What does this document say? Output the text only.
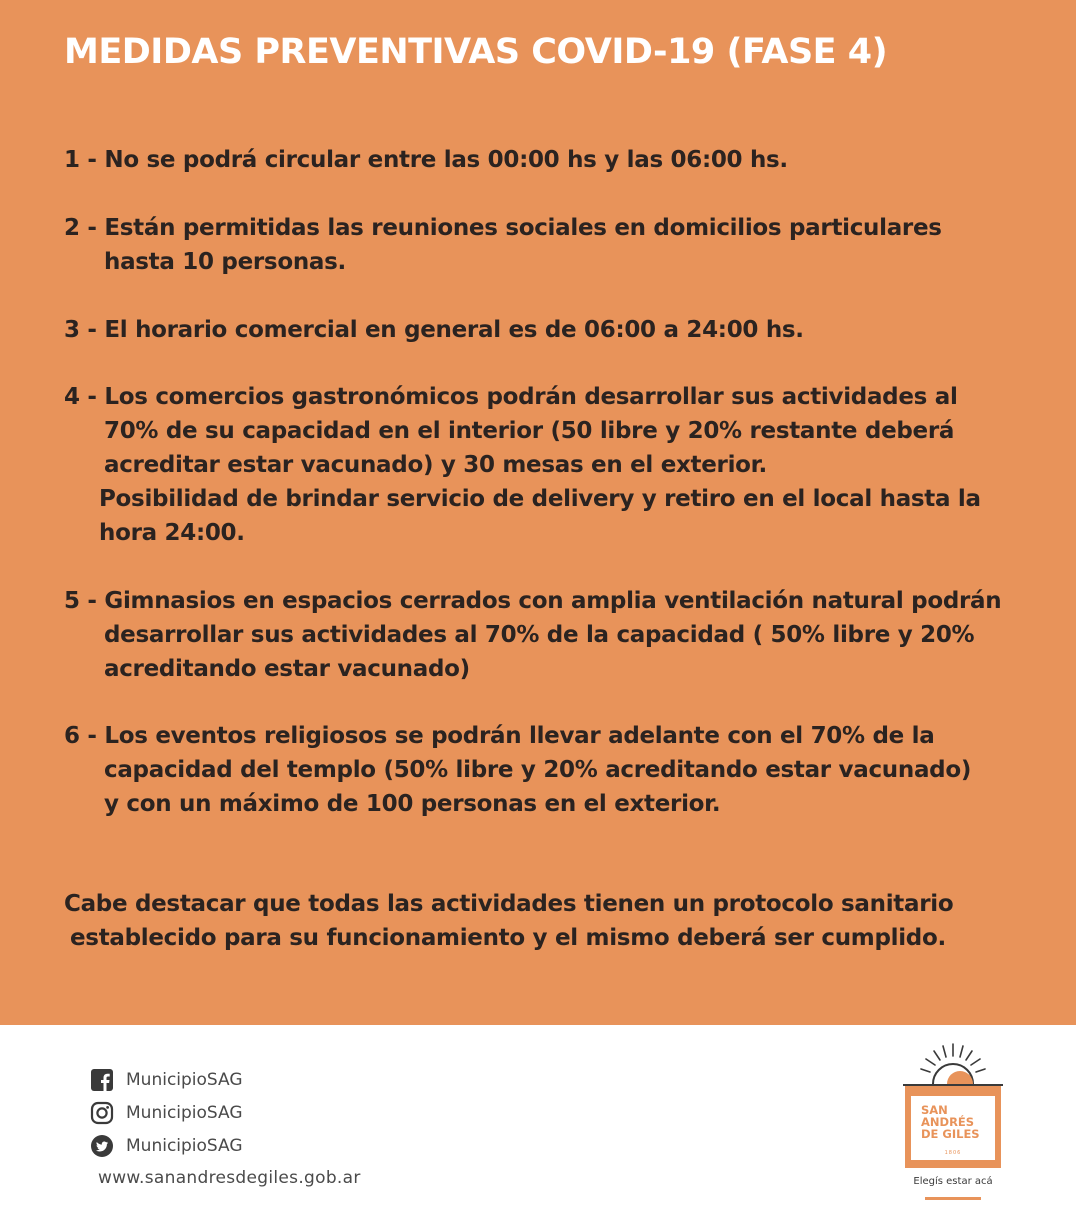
MEDIDAS PREVENTIVAS COVID-19 (FASE 4)
1 - No se podrá circular entre las 00:00 hs y las 06:00 hs.
2 - Están permitidas las reuniones sociales en domicilios particulares
hasta 10 personas.
3 - El horario comercial en general es de 06:00 a 24:00 hs.
4 - Los comercios gastronómicos podrán desarrollar sus actividades al
70% de su capacidad en el interior (50 libre y 20% restante deberá
acreditar estar vacunado) y 30 mesas en el exterior.
Posibilidad de brindar servicio de delivery y retiro en el local hasta la
hora 24:00.
5 - Gimnasios en espacios cerrados con amplia ventilación natural podrán
desarrollar sus actividades al 70% de la capacidad ( 50% libre y 20%
acreditando estar vacunado)
6 - Los eventos religiosos se podrán llevar adelante con el 70% de la
capacidad del templo (50% libre y 20% acreditando estar vacunado)
y con un máximo de 100 personas en el exterior.
Cabe destacar que todas las actividades tienen un protocolo sanitario
establecido para su funcionamiento y el mismo deberá ser cumplido.
MunicipioSAG
MunicipioSAG
MunicipioSAG
www.sanandresdegiles.gob.ar
SAN
ANDRÉS
DE GILES
1806
Elegís estar acá
